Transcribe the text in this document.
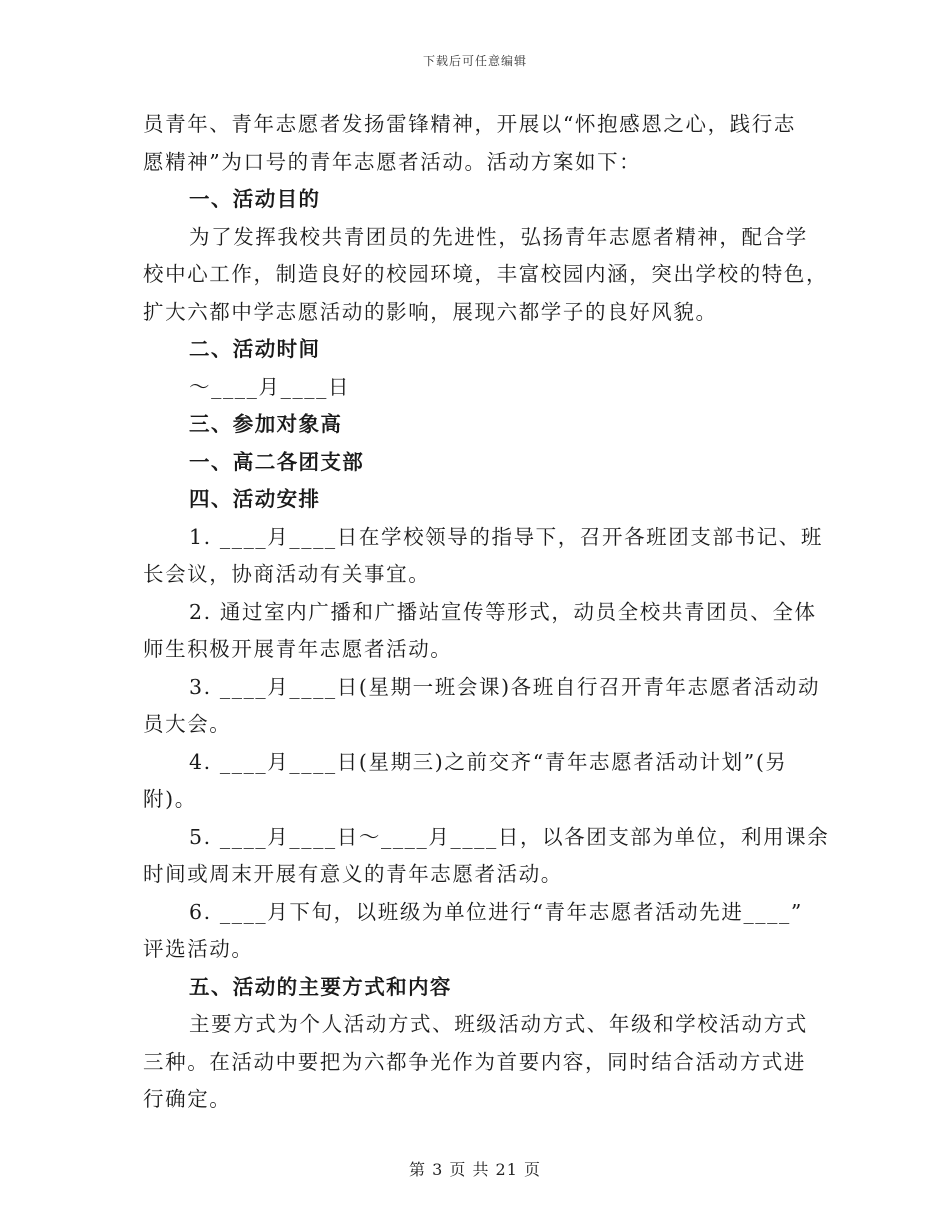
下载后可任意编辑
员青年、青年志愿者发扬雷锋精神，开展以“怀抱感恩之心，践行志
愿精神”为口号的青年志愿者活动。活动方案如下：
一、活动目的
为了发挥我校共青团员的先进性，弘扬青年志愿者精神，配合学
校中心工作，制造良好的校园环境，丰富校园内涵，突出学校的特色，
扩大六都中学志愿活动的影响，展现六都学子的良好风貌。
二、活动时间
～____月____日
三、参加对象高
一、高二各团支部
四、活动安排
1. ____月____日在学校领导的指导下，召开各班团支部书记、班
长会议，协商活动有关事宜。
2. 通过室内广播和广播站宣传等形式，动员全校共青团员、全体
师生积极开展青年志愿者活动。
3. ____月____日(星期一班会课)各班自行召开青年志愿者活动动
员大会。
4. ____月____日(星期三)之前交齐“青年志愿者活动计划”(另
附)。
5. ____月____日～____月____日，以各团支部为单位，利用课余
时间或周末开展有意义的青年志愿者活动。
6. ____月下旬，以班级为单位进行“青年志愿者活动先进____”
评选活动。
五、活动的主要方式和内容
主要方式为个人活动方式、班级活动方式、年级和学校活动方式
三种。在活动中要把为六都争光作为首要内容，同时结合活动方式进
行确定。
第 3 页 共 21 页
